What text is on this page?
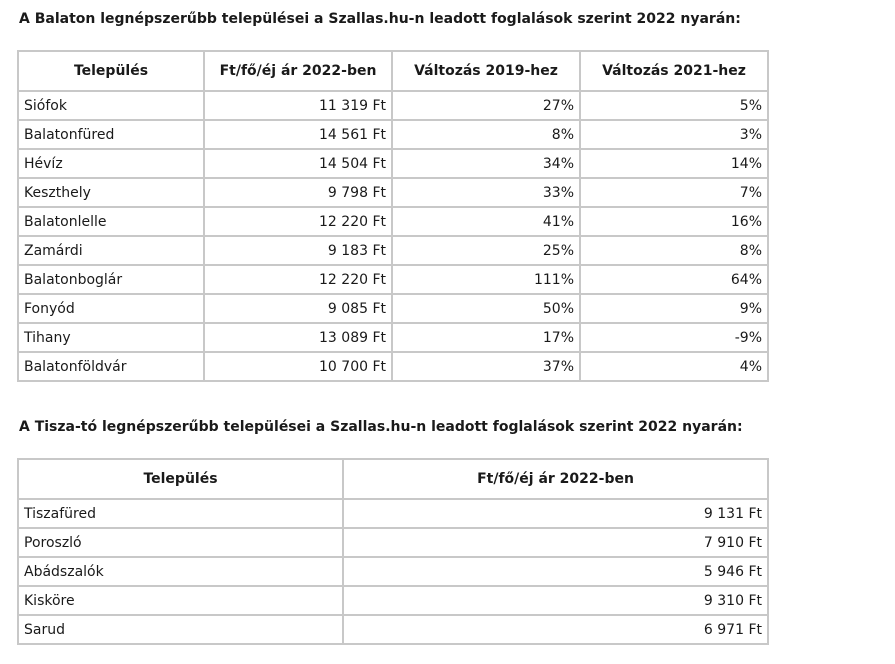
A Balaton legnépszerűbb települései a Szallas.hu-n leadott foglalások szerint 2022 nyarán:
Település	Ft/fő/éj ár 2022-ben	Változás 2019-hez	Változás 2021-hez
Siófok	11 319 Ft	27%	5%
Balatonfüred	14 561 Ft	8%	3%
Hévíz	14 504 Ft	34%	14%
Keszthely	9 798 Ft	33%	7%
Balatonlelle	12 220 Ft	41%	16%
Zamárdi	9 183 Ft	25%	8%
Balatonboglár	12 220 Ft	111%	64%
Fonyód	9 085 Ft	50%	9%
Tihany	13 089 Ft	17%	-9%
Balatonföldvár	10 700 Ft	37%	4%
A Tisza-tó legnépszerűbb települései a Szallas.hu-n leadott foglalások szerint 2022 nyarán:
Település	Ft/fő/éj ár 2022-ben
Tiszafüred	9 131 Ft
Poroszló	7 910 Ft
Abádszalók	5 946 Ft
Kisköre	9 310 Ft
Sarud	6 971 Ft
